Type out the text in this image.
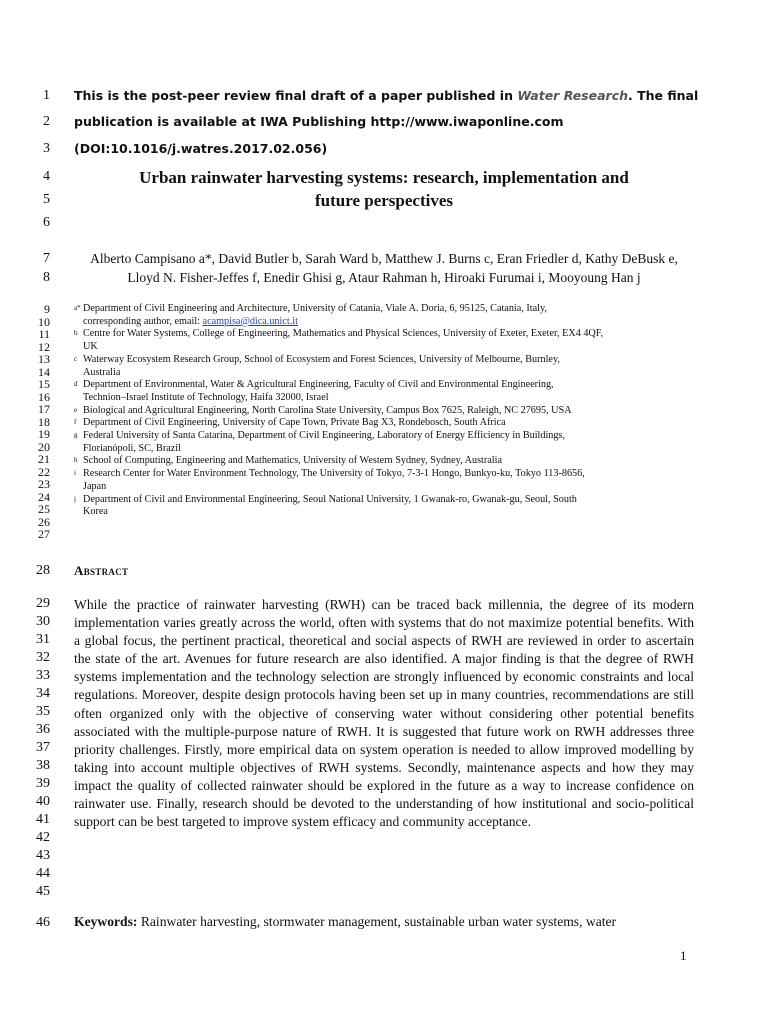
1
2
3
4
5
6
7
8
9
10
11
12
13
14
15
16
17
18
19
20
21
22
23
24
25
26
27
28
29
30
31
32
33
34
35
36
37
38
39
40
41
42
43
44
45
46
This is the post-peer review final draft of a paper published in Water Research. The final
publication is available at IWA Publishing http://www.iwaponline.com
(DOI:10.1016/j.watres.2017.02.056)
Urban rainwater harvesting systems: research, implementation and
future perspectives
Alberto Campisano a*, David Butler b, Sarah Ward b, Matthew J. Burns c, Eran Friedler d, Kathy DeBusk e,
Lloyd N. Fisher-Jeffes f, Enedir Ghisi g, Ataur Rahman h, Hiroaki Furumai i, Mooyoung Han j
a* Department of Civil Engineering and Architecture, University of Catania, Viale A. Doria, 6, 95125, Catania, Italy,
corresponding author, email: acampisa@dica.unict.it
b Centre for Water Systems, College of Engineering, Mathematics and Physical Sciences, University of Exeter, Exeter, EX4 4QF,
UK
c Waterway Ecosystem Research Group, School of Ecosystem and Forest Sciences, University of Melbourne, Burnley,
Australia
d Department of Environmental, Water & Agricultural Engineering, Faculty of Civil and Environmental Engineering,
Technion–Israel Institute of Technology, Haifa 32000, Israel
e Biological and Agricultural Engineering, North Carolina State University, Campus Box 7625, Raleigh, NC 27695, USA
f Department of Civil Engineering, University of Cape Town, Private Bag X3, Rondebosch, South Africa
g Federal University of Santa Catarina, Department of Civil Engineering, Laboratory of Energy Efficiency in Buildings,
Florianópoli, SC, Brazil
h School of Computing, Engineering and Mathematics, University of Western Sydney, Sydney, Australia
i Research Center for Water Environment Technology, The University of Tokyo, 7-3-1 Hongo, Bunkyo-ku, Tokyo 113-8656,
Japan
j Department of Civil and Environmental Engineering, Seoul National University, 1 Gwanak-ro, Gwanak-gu, Seoul, South
Korea
Abstract
While the practice of rainwater harvesting (RWH) can be traced back millennia, the degree of its modern implementation varies greatly across the world, often with systems that do not maximize potential benefits. With a global focus, the pertinent practical, theoretical and social aspects of RWH are reviewed in order to ascertain the state of the art. Avenues for future research are also identified. A major finding is that the degree of RWH systems implementation and the technology selection are strongly influenced by economic constraints and local regulations. Moreover, despite design protocols having been set up in many countries, recommendations are still often organized only with the objective of conserving water without considering other potential benefits associated with the multiple-purpose nature of RWH. It is suggested that future work on RWH addresses three priority challenges. Firstly, more empirical data on system operation is needed to allow improved modelling by taking into account multiple objectives of RWH systems. Secondly, maintenance aspects and how they may impact the quality of collected rainwater should be explored in the future as a way to increase confidence on rainwater use. Finally, research should be devoted to the understanding of how institutional and socio-political support can be best targeted to improve system efficacy and community acceptance.
Keywords: Rainwater harvesting, stormwater management, sustainable urban water systems, water
1
